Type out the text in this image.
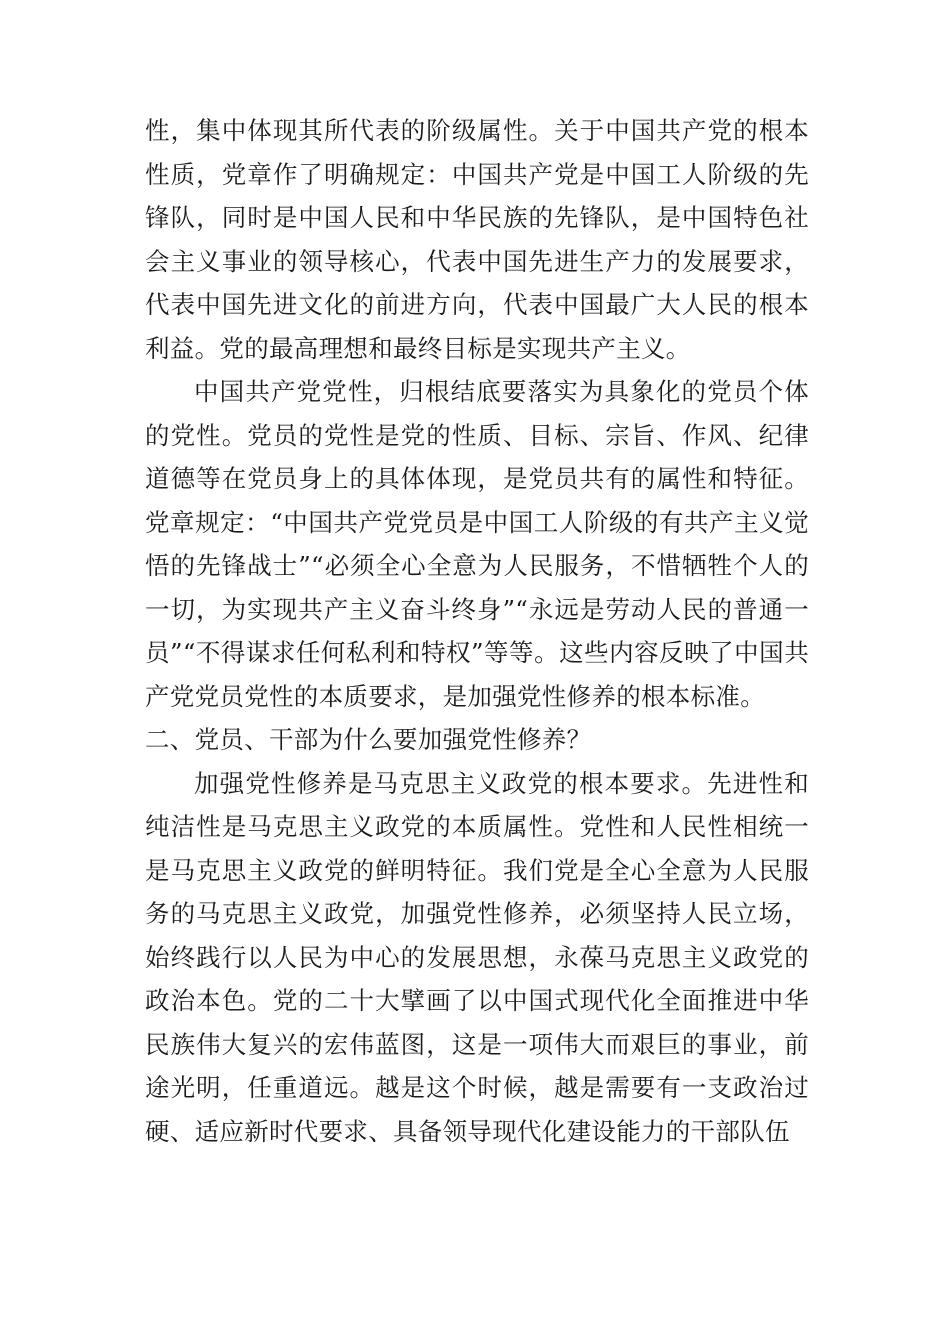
性，集中体现其所代表的阶级属性。关于中国共产党的根本性质，党章作了明确规定：中国共产党是中国工人阶级的先锋队，同时是中国人民和中华民族的先锋队，是中国特色社会主义事业的领导核心，代表中国先进生产力的发展要求，代表中国先进文化的前进方向，代表中国最广大人民的根本利益。党的最高理想和最终目标是实现共产主义。

中国共产党党性，归根结底要落实为具象化的党员个体的党性。党员的党性是党的性质、目标、宗旨、作风、纪律道德等在党员身上的具体体现，是党员共有的属性和特征。党章规定：“中国共产党党员是中国工人阶级的有共产主义觉悟的先锋战士”“必须全心全意为人民服务，不惜牺牲个人的一切，为实现共产主义奋斗终身”“永远是劳动人民的普通一员”“不得谋求任何私利和特权”等等。这些内容反映了中国共产党党员党性的本质要求，是加强党性修养的根本标准。

二、党员、干部为什么要加强党性修养？

加强党性修养是马克思主义政党的根本要求。先进性和纯洁性是马克思主义政党的本质属性。党性和人民性相统一是马克思主义政党的鲜明特征。我们党是全心全意为人民服务的马克思主义政党，加强党性修养，必须坚持人民立场，始终践行以人民为中心的发展思想，永葆马克思主义政党的政治本色。党的二十大擘画了以中国式现代化全面推进中华民族伟大复兴的宏伟蓝图，这是一项伟大而艰巨的事业，前途光明，任重道远。越是这个时候，越是需要有一支政治过硬、适应新时代要求、具备领导现代化建设能力的干部队伍
